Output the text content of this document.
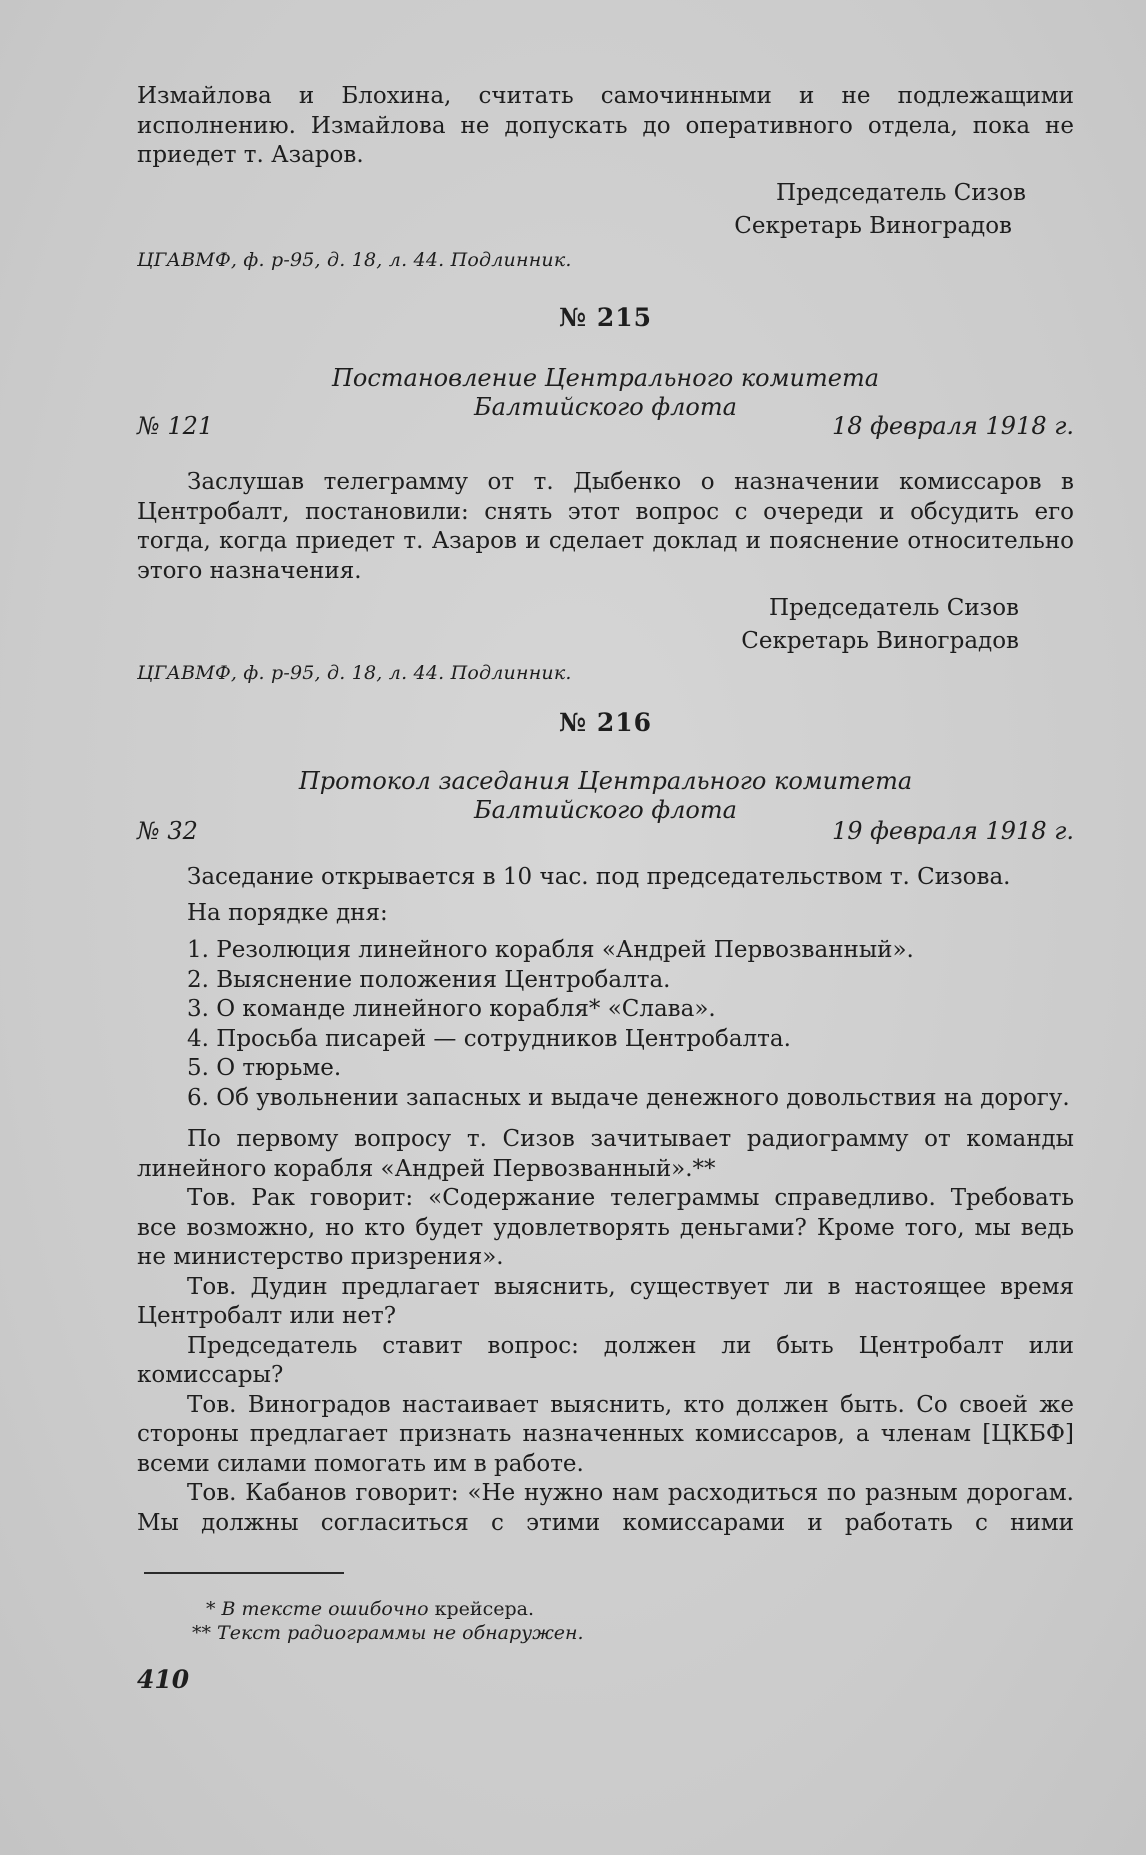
Измайлова и Блохина, считать самочинными и не подлежащими исполнению. Измайлова не допускать до оперативного отдела, пока не приедет т. Азаров.

Председатель Сизов

Секретарь Виноградов

ЦГАВМФ, ф. р-95, д. 18, л. 44. Подлинник.

№ 215

Постановление Центрального комитета

Балтийского флота

№ 121	18 февраля 1918 г.

Заслушав телеграмму от т. Дыбенко о назначении комиссаров в Центробалт, постановили: снять этот вопрос с очереди и обсудить его тогда, когда приедет т. Азаров и сделает доклад и пояснение относительно этого назначения.

Председатель Сизов

Секретарь Виноградов

ЦГАВМФ, ф. р-95, д. 18, л. 44. Подлинник.

№ 216

Протокол заседания Центрального комитета

Балтийского флота

№ 32	19 февраля 1918 г.

Заседание открывается в 10 час. под председательством т. Сизова.

На порядке дня:

1. Резолюция линейного корабля «Андрей Первозванный».

2. Выяснение положения Центробалта.

3. О команде линейного корабля* «Слава».

4. Просьба писарей — сотрудников Центробалта.

5. О тюрьме.

6. Об увольнении запасных и выдаче денежного довольствия на дорогу.

По первому вопросу т. Сизов зачитывает радиограмму от команды линейного корабля «Андрей Первозванный».**

Тов. Рак говорит: «Содержание телеграммы справедливо. Требовать все возможно, но кто будет удовлетворять деньгами? Кроме того, мы ведь не министерство призрения».

Тов. Дудин предлагает выяснить, существует ли в настоящее время Центробалт или нет?

Председатель ставит вопрос: должен ли быть Центробалт или комиссары?

Тов. Виноградов настаивает выяснить, кто должен быть. Со своей же стороны предлагает признать назначенных комиссаров, а членам [ЦКБФ] всеми силами помогать им в работе.

Тов. Кабанов говорит: «Не нужно нам расходиться по разным дорогам. Мы должны согласиться с этими комиссарами и работать с ними

* В тексте ошибочно крейсера.
** Текст радиограммы не обнаружен.
410
